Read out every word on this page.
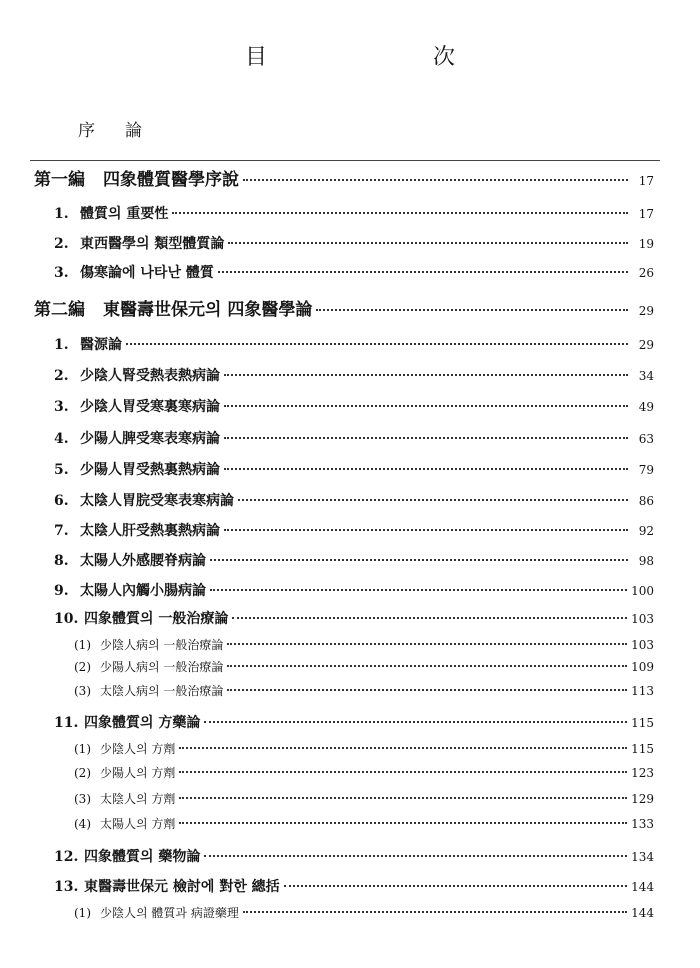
目　次
序論
第一編 四象體質醫學序說	17
1. 體質의 重要性	17
2. 東西醫學의 類型體質論	19
3. 傷寒論에 나타난 體質	26
第二編 東醫壽世保元의 四象醫學論	29
1. 醫源論	29
2. 少陰人腎受熱表熱病論	34
3. 少陰人胃受寒裏寒病論	49
4. 少陽人脾受寒表寒病論	63
5. 少陽人胃受熱裏熱病論	79
6. 太陰人胃脘受寒表寒病論	86
7. 太陰人肝受熱裏熱病論	92
8. 太陽人外感腰脊病論	98
9. 太陽人內觸小腸病論	100
10. 四象體質의 一般治療論	103
(1) 少陰人病의 一般治療論	103
(2) 少陽人病의 一般治療論	109
(3) 太陰人病의 一般治療論	113
11. 四象體質의 方藥論	115
(1) 少陰人의 方劑	115
(2) 少陽人의 方劑	123
(3) 太陰人의 方劑	129
(4) 太陽人의 方劑	133
12. 四象體質의 藥物論	134
13. 東醫壽世保元 檢討에 對한 總括	144
(1) 少陰人의 體質과 病證藥理	144
